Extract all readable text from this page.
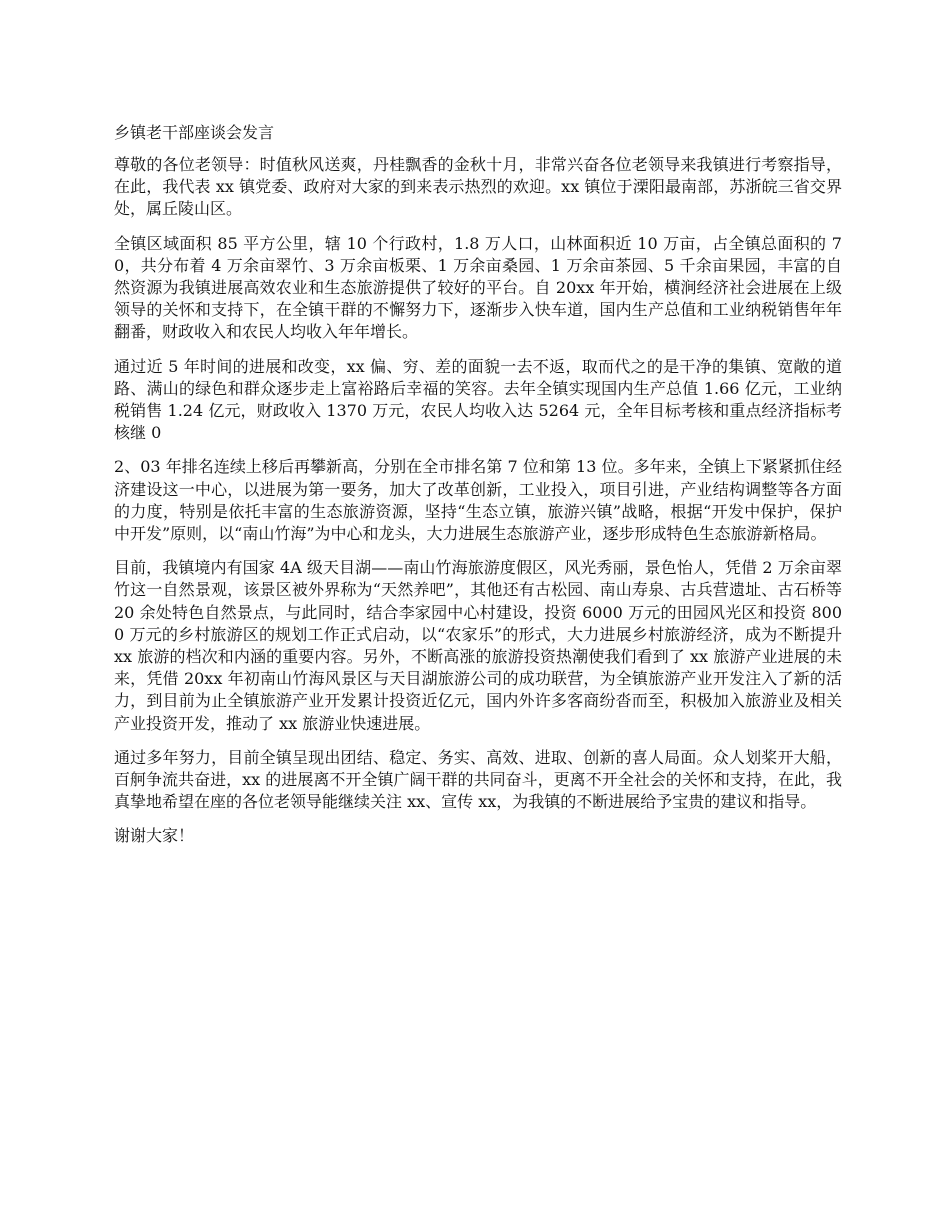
乡镇老干部座谈会发言

尊敬的各位老领导：时值秋风送爽，丹桂飘香的金秋十月，非常兴奋各位老领导来我镇进行考察指导，在此，我代表 xx 镇党委、政府对大家的到来表示热烈的欢迎。xx 镇位于溧阳最南部，苏浙皖三省交界处，属丘陵山区。

全镇区域面积 85 平方公里，辖 10 个行政村，1.8 万人口，山林面积近 10 万亩，占全镇总面积的 70，共分布着 4 万余亩翠竹、3 万余亩板栗、1 万余亩桑园、1 万余亩茶园、5 千余亩果园，丰富的自然资源为我镇进展高效农业和生态旅游提供了较好的平台。自 20xx 年开始，横涧经济社会进展在上级领导的关怀和支持下，在全镇干群的不懈努力下，逐渐步入快车道，国内生产总值和工业纳税销售年年翻番，财政收入和农民人均收入年年增长。

通过近 5 年时间的进展和改变，xx 偏、穷、差的面貌一去不返，取而代之的是干净的集镇、宽敞的道路、满山的绿色和群众逐步走上富裕路后幸福的笑容。去年全镇实现国内生产总值 1.66 亿元，工业纳税销售 1.24 亿元，财政收入 1370 万元，农民人均收入达 5264 元，全年目标考核和重点经济指标考核继 0

2、03 年排名连续上移后再攀新高，分别在全市排名第 7 位和第 13 位。多年来，全镇上下紧紧抓住经济建设这一中心，以进展为第一要务，加大了改革创新，工业投入，项目引进，产业结构调整等各方面的力度，特别是依托丰富的生态旅游资源，坚持“生态立镇，旅游兴镇”战略，根据“开发中保护，保护中开发”原则，以“南山竹海”为中心和龙头，大力进展生态旅游产业，逐步形成特色生态旅游新格局。

目前，我镇境内有国家 4A 级天目湖——南山竹海旅游度假区，风光秀丽，景色怡人，凭借 2 万余亩翠竹这一自然景观，该景区被外界称为“天然养吧”，其他还有古松园、南山寿泉、古兵营遗址、古石桥等 20 余处特色自然景点，与此同时，结合李家园中心村建设，投资 6000 万元的田园风光区和投资 8000 万元的乡村旅游区的规划工作正式启动，以“农家乐”的形式，大力进展乡村旅游经济，成为不断提升 xx 旅游的档次和内涵的重要内容。另外，不断高涨的旅游投资热潮使我们看到了 xx 旅游产业进展的未来，凭借 20xx 年初南山竹海风景区与天目湖旅游公司的成功联营，为全镇旅游产业开发注入了新的活力，到目前为止全镇旅游产业开发累计投资近亿元，国内外许多客商纷沓而至，积极加入旅游业及相关产业投资开发，推动了 xx 旅游业快速进展。

通过多年努力，目前全镇呈现出团结、稳定、务实、高效、进取、创新的喜人局面。众人划桨开大船，百舸争流共奋进，xx 的进展离不开全镇广阔干群的共同奋斗，更离不开全社会的关怀和支持，在此，我真挚地希望在座的各位老领导能继续关注 xx、宣传 xx，为我镇的不断进展给予宝贵的建议和指导。

谢谢大家！
